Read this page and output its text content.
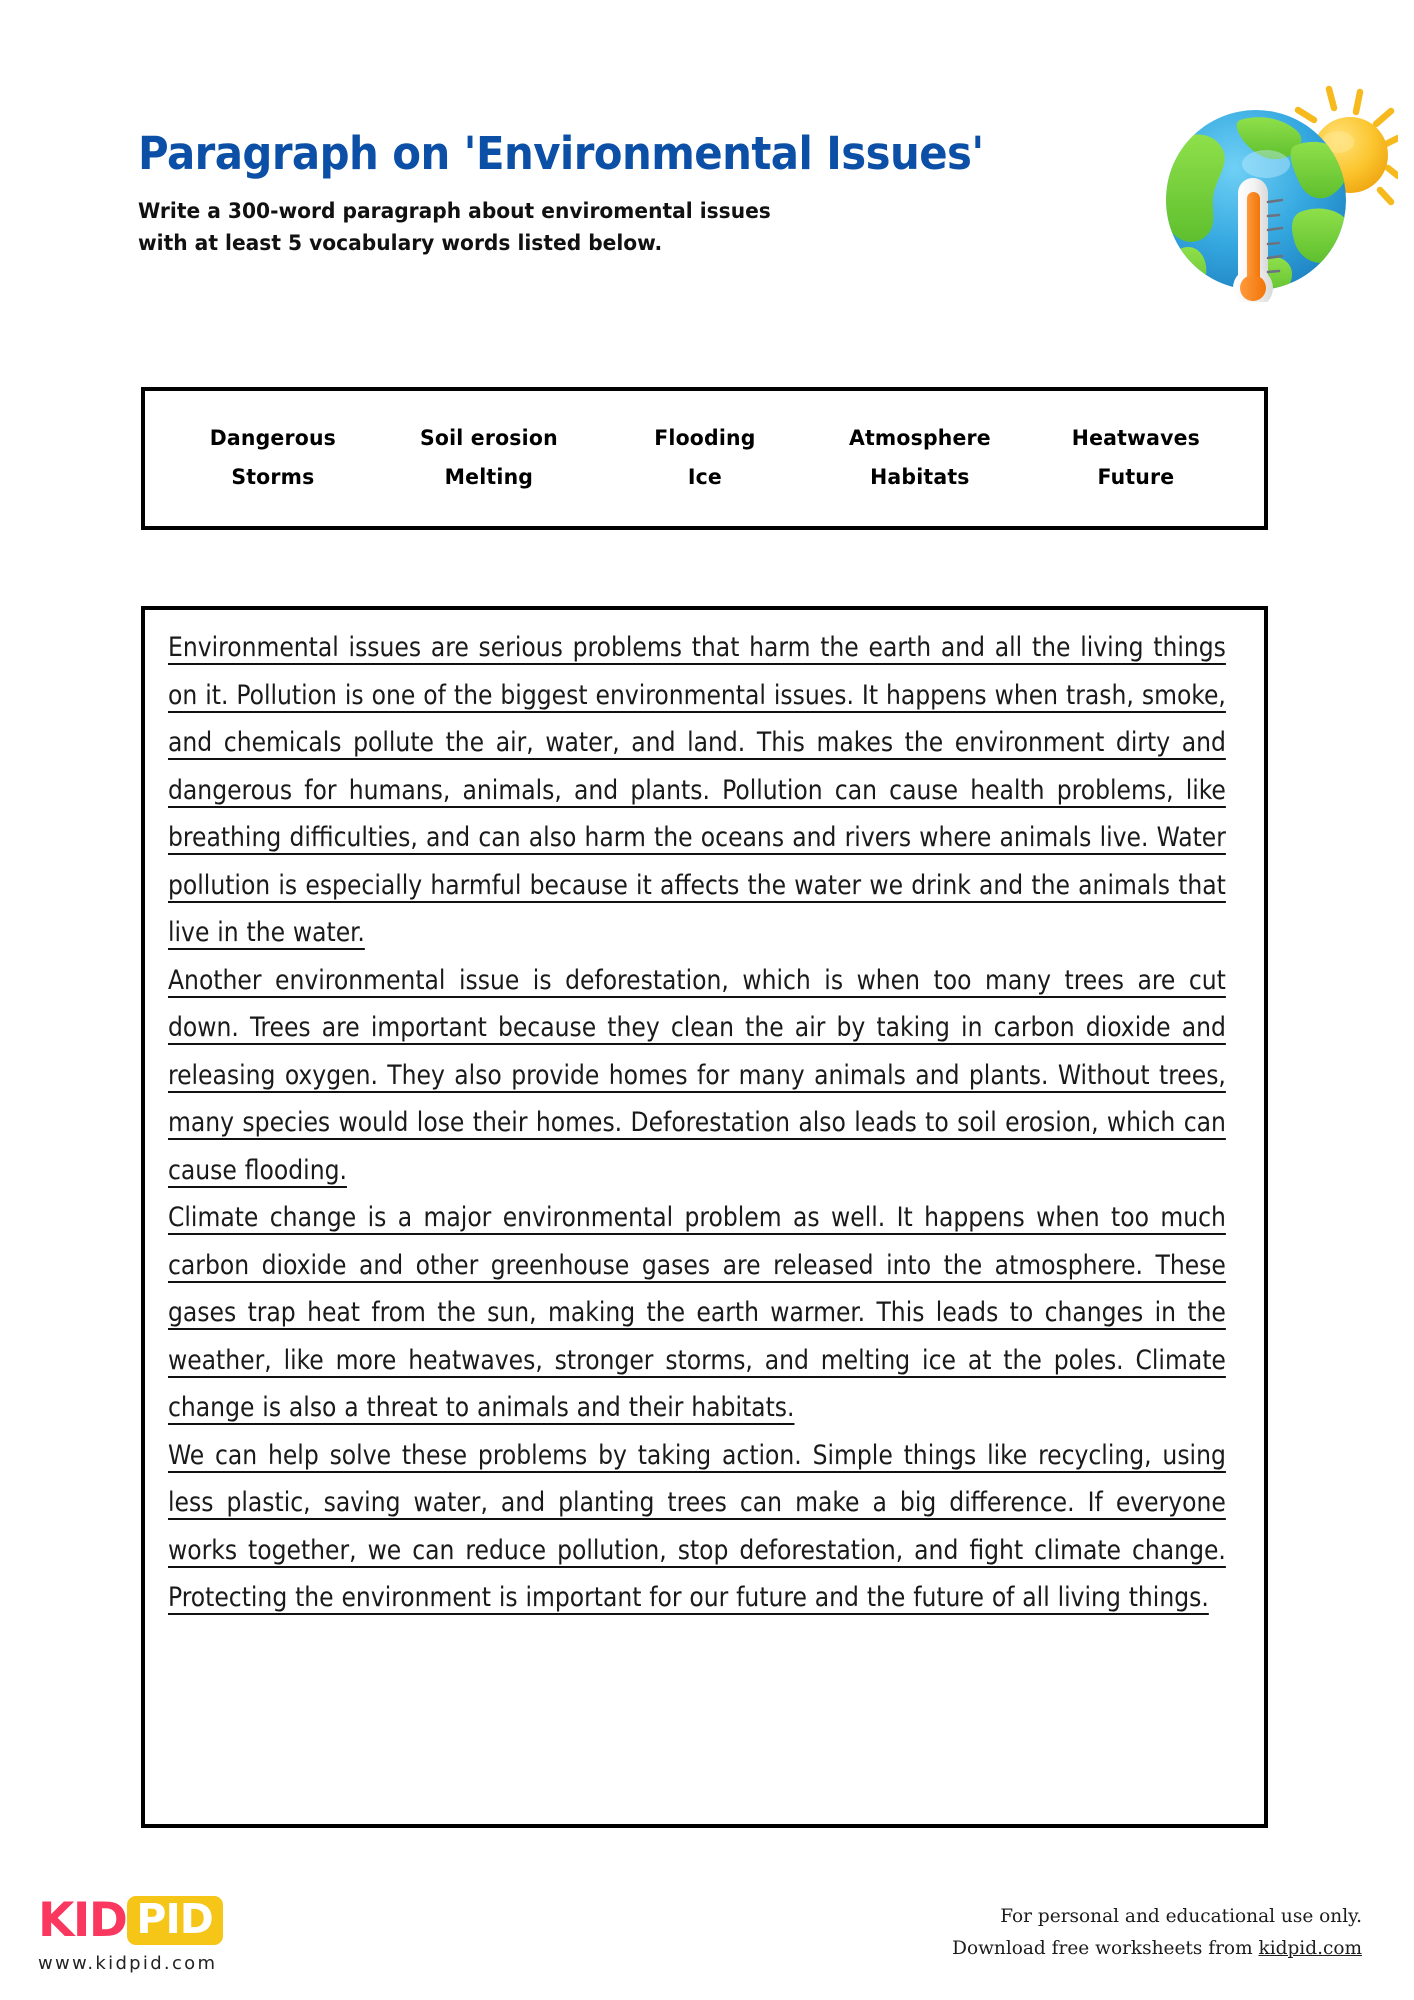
Paragraph on 'Environmental Issues'
Write a 300-word paragraph about enviromental issues
with at least 5 vocabulary words listed below.
Dangerous	Soil erosion	Flooding	Atmosphere	Heatwaves
Storms	Melting	Ice	Habitats	Future

Environmental issues are serious problems that harm the earth and all the living things on it. Pollution is one of the biggest environmental issues. It happens when trash, smoke, and chemicals pollute the air, water, and land. This makes the environment dirty and dangerous for humans, animals, and plants. Pollution can cause health problems, like breathing difficulties, and can also harm the oceans and rivers where animals live. Water pollution is especially harmful because it affects the water we drink and the animals that live in the water.

Another environmental issue is deforestation, which is when too many trees are cut down. Trees are important because they clean the air by taking in carbon dioxide and releasing oxygen. They also provide homes for many animals and plants. Without trees, many species would lose their homes. Deforestation also leads to soil erosion, which can cause flooding.

Climate change is a major environmental problem as well. It happens when too much carbon dioxide and other greenhouse gases are released into the atmosphere. These gases trap heat from the sun, making the earth warmer. This leads to changes in the weather, like more heatwaves, stronger storms, and melting ice at the poles. Climate change is also a threat to animals and their habitats.

We can help solve these problems by taking action. Simple things like recycling, using less plastic, saving water, and planting trees can make a big difference. If everyone works together, we can reduce pollution, stop deforestation, and fight climate change. Protecting the environment is important for our future and the future of all living things.

KID PID
www.kidpid.com
For personal and educational use only.
Download free worksheets from kidpid.com
